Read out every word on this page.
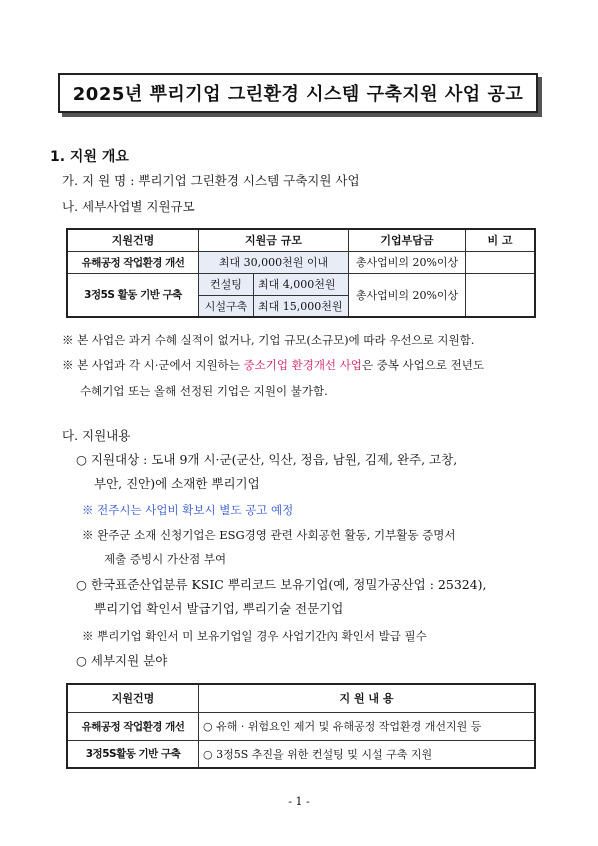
2025년 뿌리기업 그린환경 시스템 구축지원 사업 공고
1. 지원 개요
가. 지 원 명 : 뿌리기업 그린환경 시스템 구축지원 사업
나. 세부사업별 지원규모
지원건명	지원금 규모		기업부담금	비 고
유해공정 작업환경 개선	최대 30,000천원 이내		총사업비의 20%이상	
3정5S 활동 기반 구축	컨설팅	최대 4,000천원	총사업비의 20%이상	
	시설구축	최대 15,000천원		
※ 본 사업은 과거 수혜 실적이 없거나, 기업 규모(소규모)에 따라 우선으로 지원함.
※ 본 사업과 각 시·군에서 지원하는 중소기업 환경개선 사업은 중복 사업으로 전년도
수혜기업 또는 올해 선정된 기업은 지원이 불가함.
다. 지원내용
○ 지원대상 : 도내 9개 시·군(군산, 익산, 정읍, 남원, 김제, 완주, 고창,
부안, 진안)에 소재한 뿌리기업
※ 전주시는 사업비 확보시 별도 공고 예정
※ 완주군 소재 신청기업은 ESG경영 관련 사회공헌 활동, 기부활동 증명서
제출 증빙시 가산점 부여
○ 한국표준산업분류 KSIC 뿌리코드 보유기업(예, 정밀가공산업 : 25324),
뿌리기업 확인서 발급기업, 뿌리기술 전문기업
※ 뿌리기업 확인서 미 보유기업일 경우 사업기간內 확인서 발급 필수
○ 세부지원 분야
지원건명	지 원 내 용
유해공정 작업환경 개선	○ 유해 · 위험요인 제거 및 유해공정 작업환경 개선지원 등
3정5S활동 기반 구축	○ 3정5S 추진을 위한 컨설팅 및 시설 구축 지원
- 1 -
